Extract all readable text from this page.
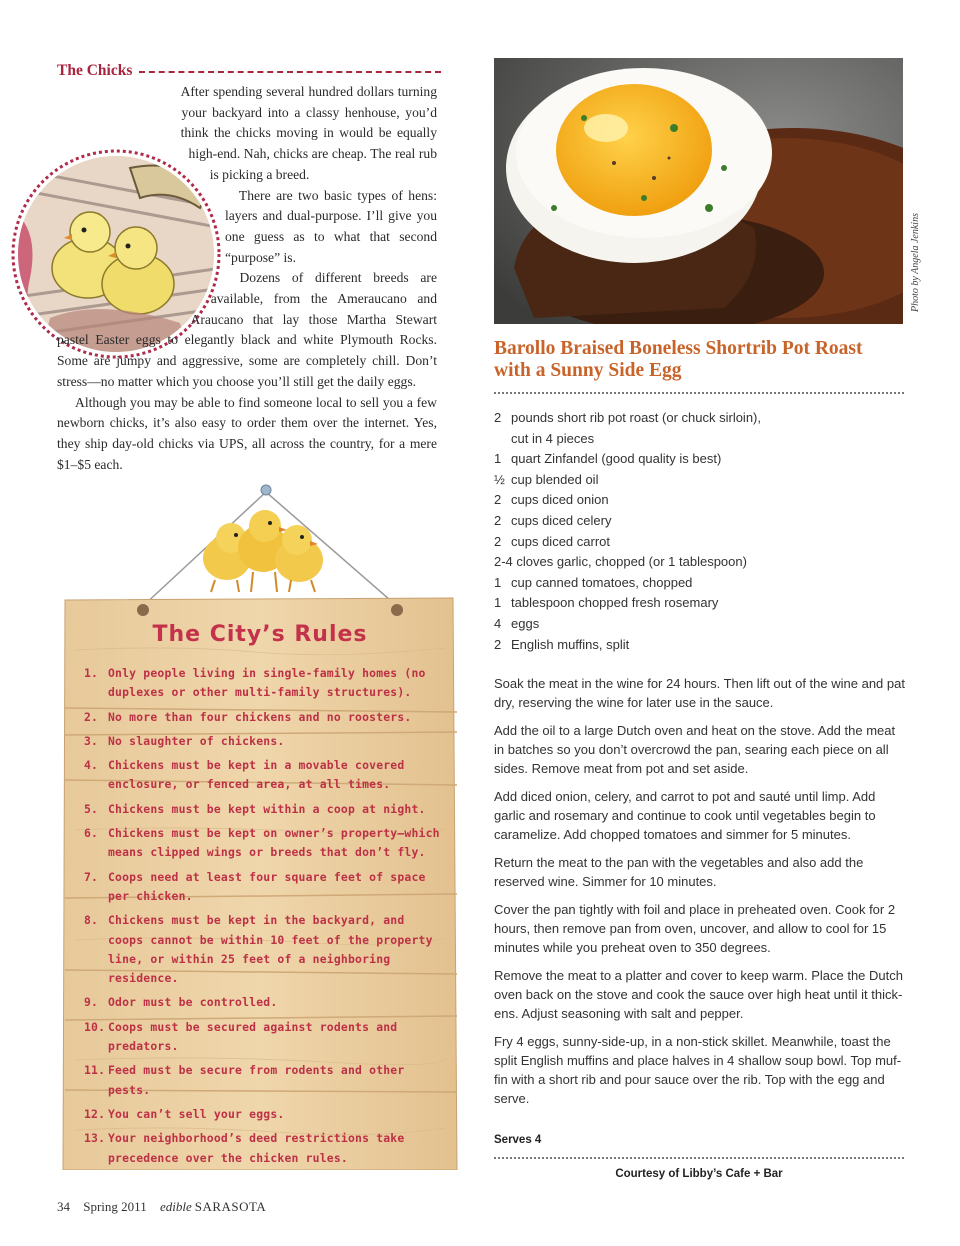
The Chicks

After spending several hundred dollars turning your backyard into a classy henhouse, you’d think the chicks moving in would be equally high-end. Nah, chicks are cheap. The real rub is picking a breed.

There are two basic types of hens: layers and dual-purpose. I’ll give you one guess as to what that second “purpose” is.

Dozens of different breeds are available, from the Ameraucano and Araucano that lay those Martha Stewart pastel Easter eggs to elegantly black and white Plymouth Rocks. Some are jumpy and aggressive, some are completely chill. Don’t stress—no matter which you choose you’ll still get the daily eggs.

Although you may be able to find someone local to sell you a few newborn chicks, it’s also easy to order them over the internet. Yes, they ship day-old chicks via UPS, all across the country, for a mere $1–$5 each.

The City’s Rules
1. Only people living in single-family homes (no duplexes or other multi-family structures).
2. No more than four chickens and no roosters.
3. No slaughter of chickens.
4. Chickens must be kept in a movable covered enclosure, or fenced area, at all times.
5. Chickens must be kept within a coop at night.
6. Chickens must be kept on owner’s property—which means clipped wings or breeds that don’t fly.
7. Coops need at least four square feet of space per chicken.
8. Chickens must be kept in the backyard, and coops cannot be within 10 feet of the property line, or within 25 feet of a neighboring residence.
9. Odor must be controlled.
10. Coops must be secured against rodents and predators.
11. Feed must be secure from rodents and other pests.
12. You can’t sell your eggs.
13. Your neighborhood’s deed restrictions take precedence over the chicken rules.
Photo by Angela Jenkins
Barollo Braised Boneless Shortrib Pot Roast with a Sunny Side Egg
2 pounds short rib pot roast (or chuck sirloin),
cut in 4 pieces
1 quart Zinfandel (good quality is best)
½ cup blended oil
2 cups diced onion
2 cups diced celery
2 cups diced carrot
2-4 cloves garlic, chopped (or 1 tablespoon)
1 cup canned tomatoes, chopped
1 tablespoon chopped fresh rosemary
4 eggs
2 English muffins, split

Soak the meat in the wine for 24 hours. Then lift out of the wine and pat dry, reserving the wine for later use in the sauce.

Add the oil to a large Dutch oven and heat on the stove. Add the meat in batches so you don’t overcrowd the pan, searing each piece on all sides. Remove meat from pot and set aside.

Add diced onion, celery, and carrot to pot and sauté until limp. Add garlic and rosemary and continue to cook until vegetables begin to caramelize. Add chopped tomatoes and simmer for 5 minutes.

Return the meat to the pan with the vegetables and also add the reserved wine. Simmer for 10 minutes.

Cover the pan tightly with foil and place in preheated oven. Cook for 2 hours, then remove pan from oven, uncover, and allow to cool for 15 minutes while you preheat oven to 350 degrees.

Remove the meat to a platter and cover to keep warm. Place the Dutch oven back on the stove and cook the sauce over high heat until it thick-ens. Adjust seasoning with salt and pepper.

Fry 4 eggs, sunny-side-up, in a non-stick skillet. Meanwhile, toast the split English muffins and place halves in 4 shallow soup bowl. Top muf-fin with a short rib and pour sauce over the rib. Top with the egg and serve.

Serves 4
Courtesy of Libby’s Cafe + Bar
34 Spring 2011 edible SARASOTA
